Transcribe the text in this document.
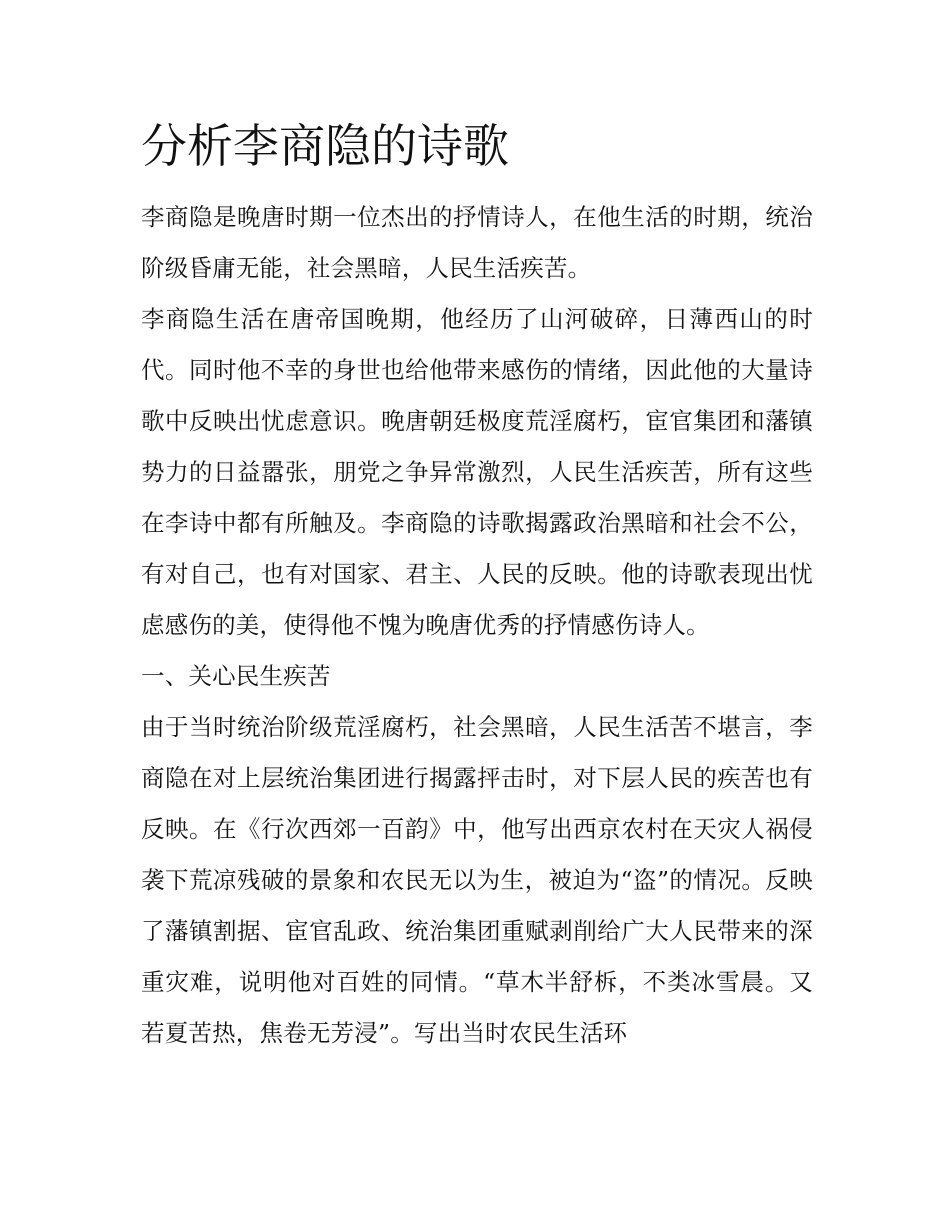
分析李商隐的诗歌

李商隐是晚唐时期一位杰出的抒情诗人，在他生活的时期，统治阶级昏庸无能，社会黑暗，人民生活疾苦。

李商隐生活在唐帝国晚期，他经历了山河破碎，日薄西山的时代。同时他不幸的身世也给他带来感伤的情绪，因此他的大量诗歌中反映出忧虑意识。晚唐朝廷极度荒淫腐朽，宦官集团和藩镇势力的日益嚣张，朋党之争异常激烈，人民生活疾苦，所有这些在李诗中都有所触及。李商隐的诗歌揭露政治黑暗和社会不公，有对自己，也有对国家、君主、人民的反映。他的诗歌表现出忧虑感伤的美，使得他不愧为晚唐优秀的抒情感伤诗人。

一、关心民生疾苦

由于当时统治阶级荒淫腐朽，社会黑暗，人民生活苦不堪言，李商隐在对上层统治集团进行揭露抨击时，对下层人民的疾苦也有反映。在《行次西郊一百韵》中，他写出西京农村在天灾人祸侵袭下荒凉残破的景象和农民无以为生，被迫为“盗”的情况。反映了藩镇割据、宦官乱政、统治集团重赋剥削给广大人民带来的深重灾难，说明他对百姓的同情。“草木半舒柝，不类冰雪晨。又若夏苦热，焦卷无芳浸”。写出当时农民生活环
